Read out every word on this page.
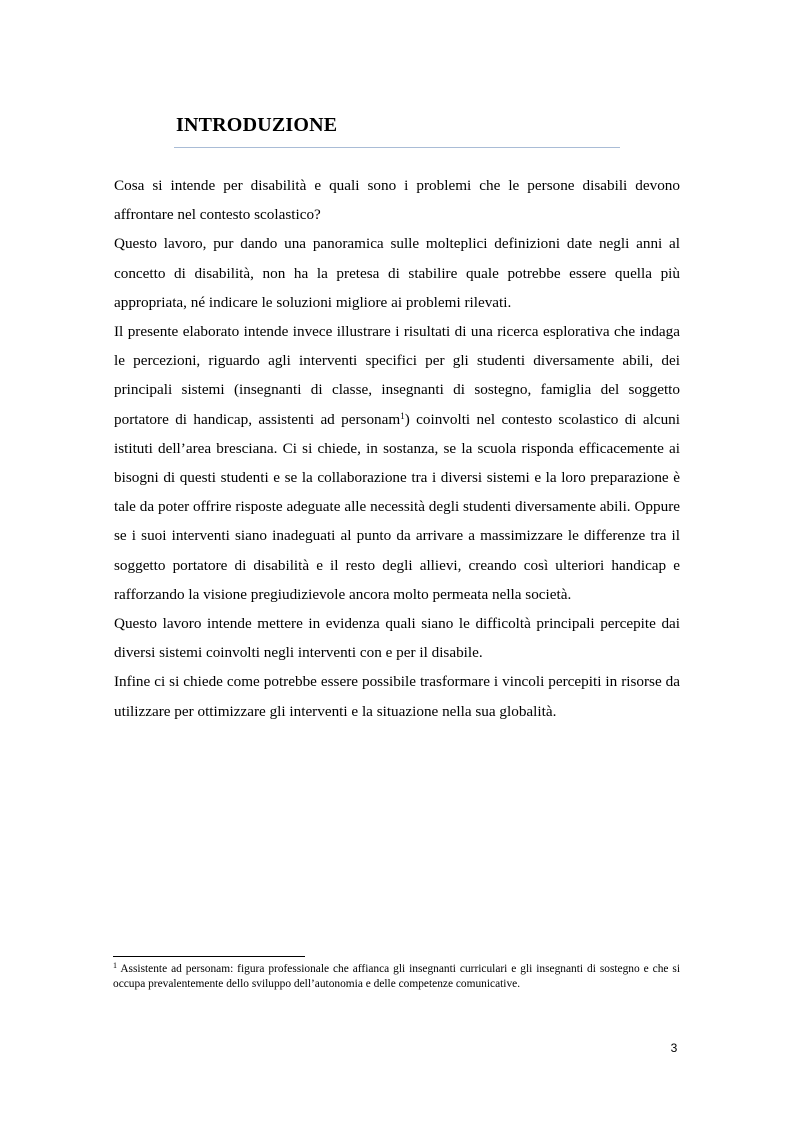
INTRODUZIONE

Cosa si intende per disabilità e quali sono i problemi che le persone disabili devono affrontare nel contesto scolastico?

Questo lavoro, pur dando una panoramica sulle molteplici definizioni date negli anni al concetto di disabilità, non ha la pretesa di stabilire quale potrebbe essere quella più appropriata, né indicare le soluzioni migliore ai problemi rilevati.

Il presente elaborato intende invece illustrare i risultati di una ricerca esplorativa che indaga le percezioni, riguardo agli interventi specifici per gli studenti diversamente abili, dei principali sistemi (insegnanti di classe, insegnanti di sostegno, famiglia del soggetto portatore di handicap, assistenti ad personam$^1$) coinvolti nel contesto scolastico di alcuni istituti dell’area bresciana. Ci si chiede, in sostanza, se la scuola risponda efficacemente ai bisogni di questi studenti e se la collaborazione tra i diversi sistemi e la loro preparazione è tale da poter offrire risposte adeguate alle necessità degli studenti diversamente abili. Oppure se i suoi interventi siano inadeguati al punto da arrivare a massimizzare le differenze tra il soggetto portatore di disabilità e il resto degli allievi, creando così ulteriori handicap e rafforzando la visione pregiudizievole ancora molto permeata nella società.

Questo lavoro intende mettere in evidenza quali siano le difficoltà principali percepite dai diversi sistemi coinvolti negli interventi con e per il disabile.

Infine ci si chiede come potrebbe essere possibile trasformare i vincoli percepiti in risorse da utilizzare per ottimizzare gli interventi e la situazione nella sua globalità.

$^1$ Assistente ad personam: figura professionale che affianca gli insegnanti curriculari e gli insegnanti di sostegno e che si occupa prevalentemente dello sviluppo dell’autonomia e delle competenze comunicative.

3
